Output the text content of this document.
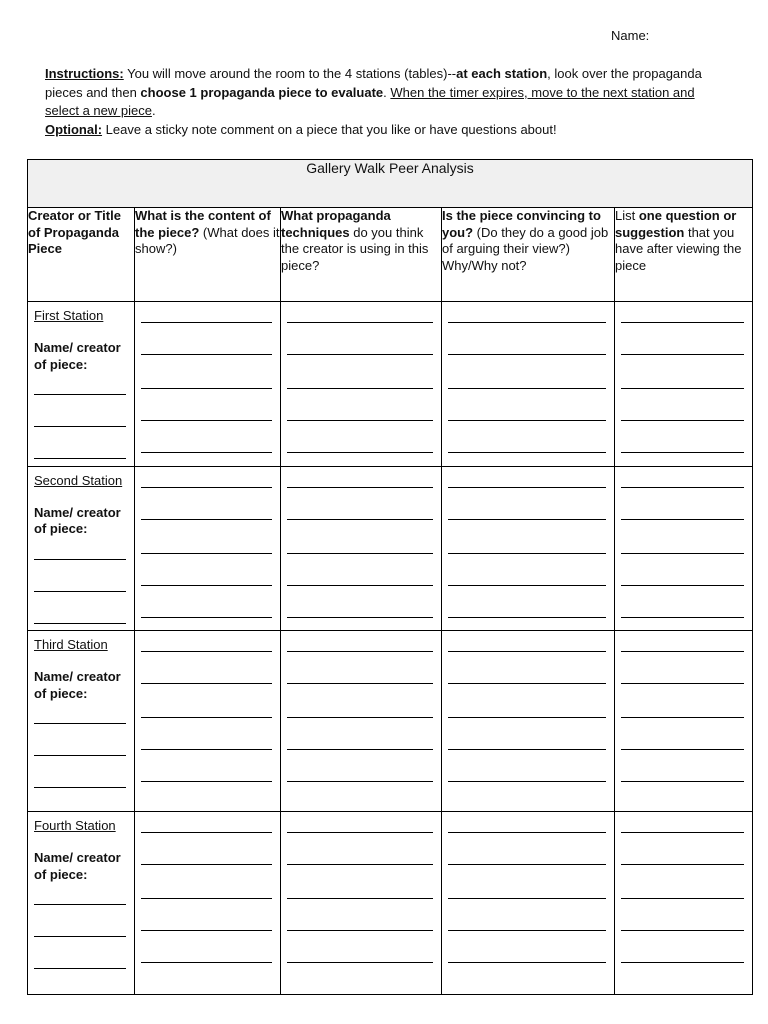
Name:

Instructions: You will move around the room to the 4 stations (tables)--at each station, look over the propaganda pieces and then choose 1 propaganda piece to evaluate. When the timer expires, move to the next station and select a new piece.

Optional: Leave a sticky note comment on a piece that you like or have questions about!

Gallery Walk Peer Analysis				
Creator or Title of Propaganda Piece	What is the content of the piece? (What does it show?)	What propaganda techniques do you think the creator is using in this piece?	Is the piece convincing to you? (Do they do a good job of arguing their view?) Why/Why not?	List one question or suggestion that you have after viewing the piece

First Station
Name/ creator of piece:				

Second Station
Name/ creator of piece:				

Third Station
Name/ creator of piece:				

Fourth Station
Name/ creator of piece:				
